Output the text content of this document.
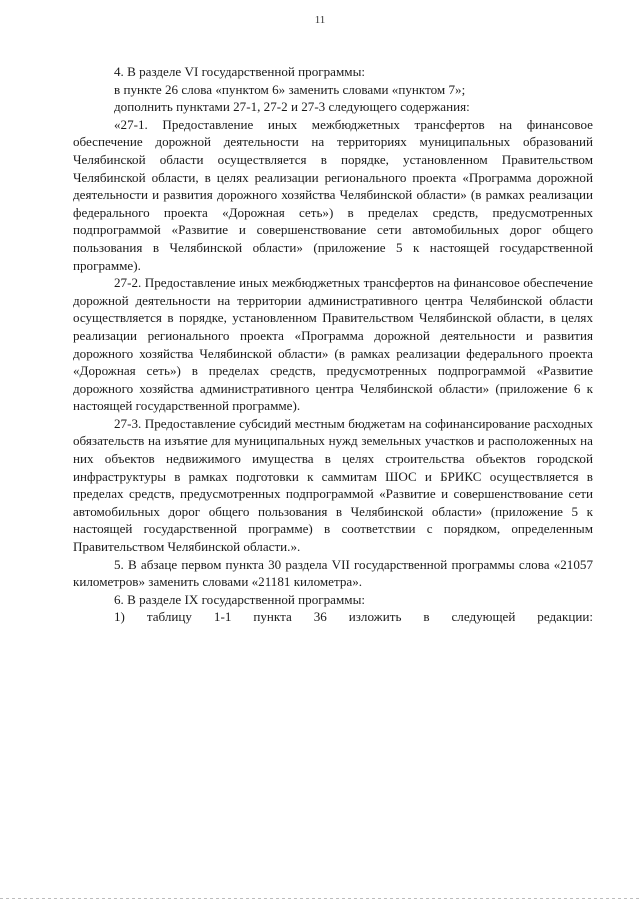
11

4. В разделе VI государственной программы:

в пункте 26 слова «пунктом 6» заменить словами «пунктом 7»;

дополнить пунктами 27-1, 27-2 и 27-3 следующего содержания:

«27-1. Предоставление иных межбюджетных трансфертов на финансовое обеспечение дорожной деятельности на территориях муниципальных образований Челябинской области осуществляется в порядке, установленном Правительством Челябинской области, в целях реализации регионального проекта «Программа дорожной деятельности и развития дорожного хозяйства Челябинской области» (в рамках реализации федерального проекта «Дорожная сеть») в пределах средств, предусмотренных подпрограммой «Развитие и совершенствование сети автомобильных дорог общего пользования в Челябинской области» (приложение 5 к настоящей государственной программе).

27-2. Предоставление иных межбюджетных трансфертов на финансовое обеспечение дорожной деятельности на территории административного центра Челябинской области осуществляется в порядке, установленном Правительством Челябинской области, в целях реализации регионального проекта «Программа дорожной деятельности и развития дорожного хозяйства Челябинской области» (в рамках реализации федерального проекта «Дорожная сеть») в пределах средств, предусмотренных подпрограммой «Развитие дорожного хозяйства административного центра Челябинской области» (приложение 6 к настоящей государственной программе).

27-3. Предоставление субсидий местным бюджетам на софинансирование расходных обязательств на изъятие для муниципальных нужд земельных участков и расположенных на них объектов недвижимого имущества в целях строительства объектов городской инфраструктуры в рамках подготовки к саммитам ШОС и БРИКС осуществляется в пределах средств, предусмотренных подпрограммой «Развитие и совершенствование сети автомобильных дорог общего пользования в Челябинской области» (приложение 5 к настоящей государственной программе) в соответствии с порядком, определенным Правительством Челябинской области.».

5. В абзаце первом пункта 30 раздела VII государственной программы слова «21057 километров» заменить словами «21181 километра».

6. В разделе IX государственной программы:

1) таблицу 1-1 пункта 36 изложить в следующей редакции:
